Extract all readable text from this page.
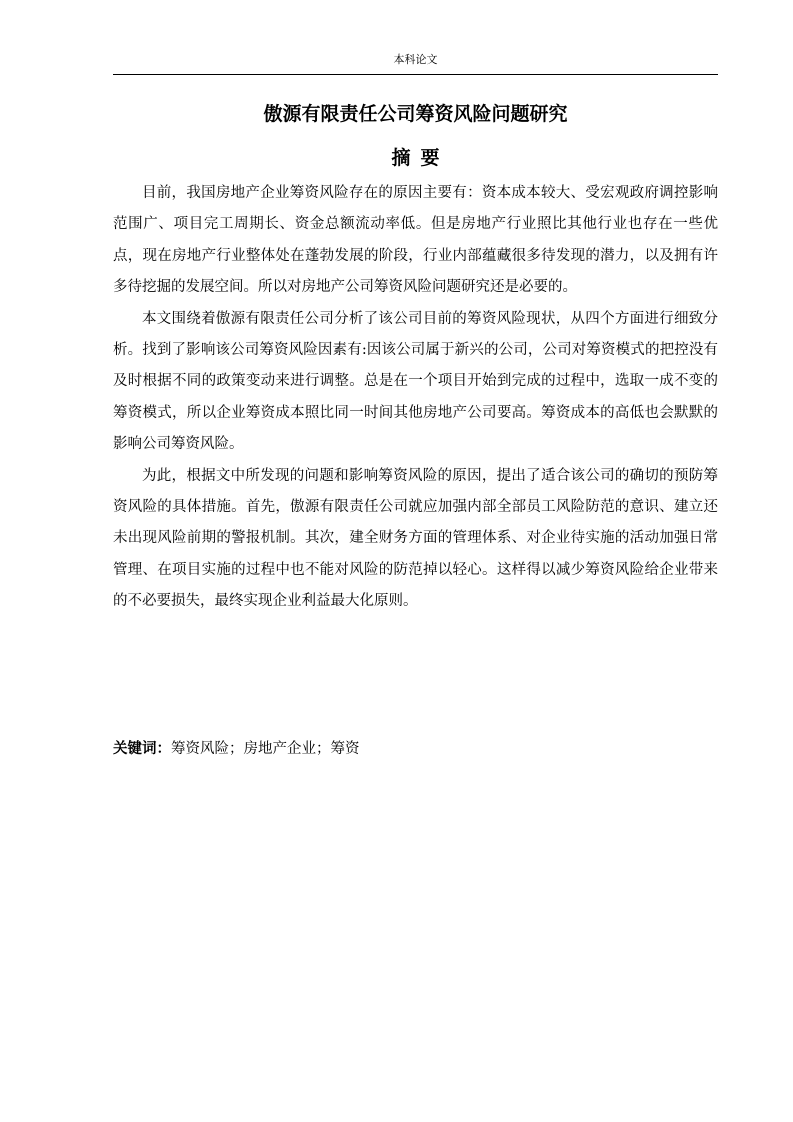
本科论文
傲源有限责任公司筹资风险问题研究
摘要

目前，我国房地产企业筹资风险存在的原因主要有：资本成本较大、受宏观政府调控影响范围广、项目完工周期长、资金总额流动率低。但是房地产行业照比其他行业也存在一些优点，现在房地产行业整体处在蓬勃发展的阶段，行业内部蕴藏很多待发现的潜力，以及拥有许多待挖掘的发展空间。所以对房地产公司筹资风险问题研究还是必要的。

本文围绕着傲源有限责任公司分析了该公司目前的筹资风险现状，从四个方面进行细致分析。找到了影响该公司筹资风险因素有:因该公司属于新兴的公司，公司对筹资模式的把控没有及时根据不同的政策变动来进行调整。总是在一个项目开始到完成的过程中，选取一成不变的筹资模式，所以企业筹资成本照比同一时间其他房地产公司要高。筹资成本的高低也会默默的影响公司筹资风险。

为此，根据文中所发现的问题和影响筹资风险的原因，提出了适合该公司的确切的预防筹资风险的具体措施。首先，傲源有限责任公司就应加强内部全部员工风险防范的意识、建立还未出现风险前期的警报机制。其次，建全财务方面的管理体系、对企业待实施的活动加强日常管理、在项目实施的过程中也不能对风险的防范掉以轻心。这样得以减少筹资风险给企业带来的不必要损失，最终实现企业利益最大化原则。

关键词：筹资风险；房地产企业；筹资
